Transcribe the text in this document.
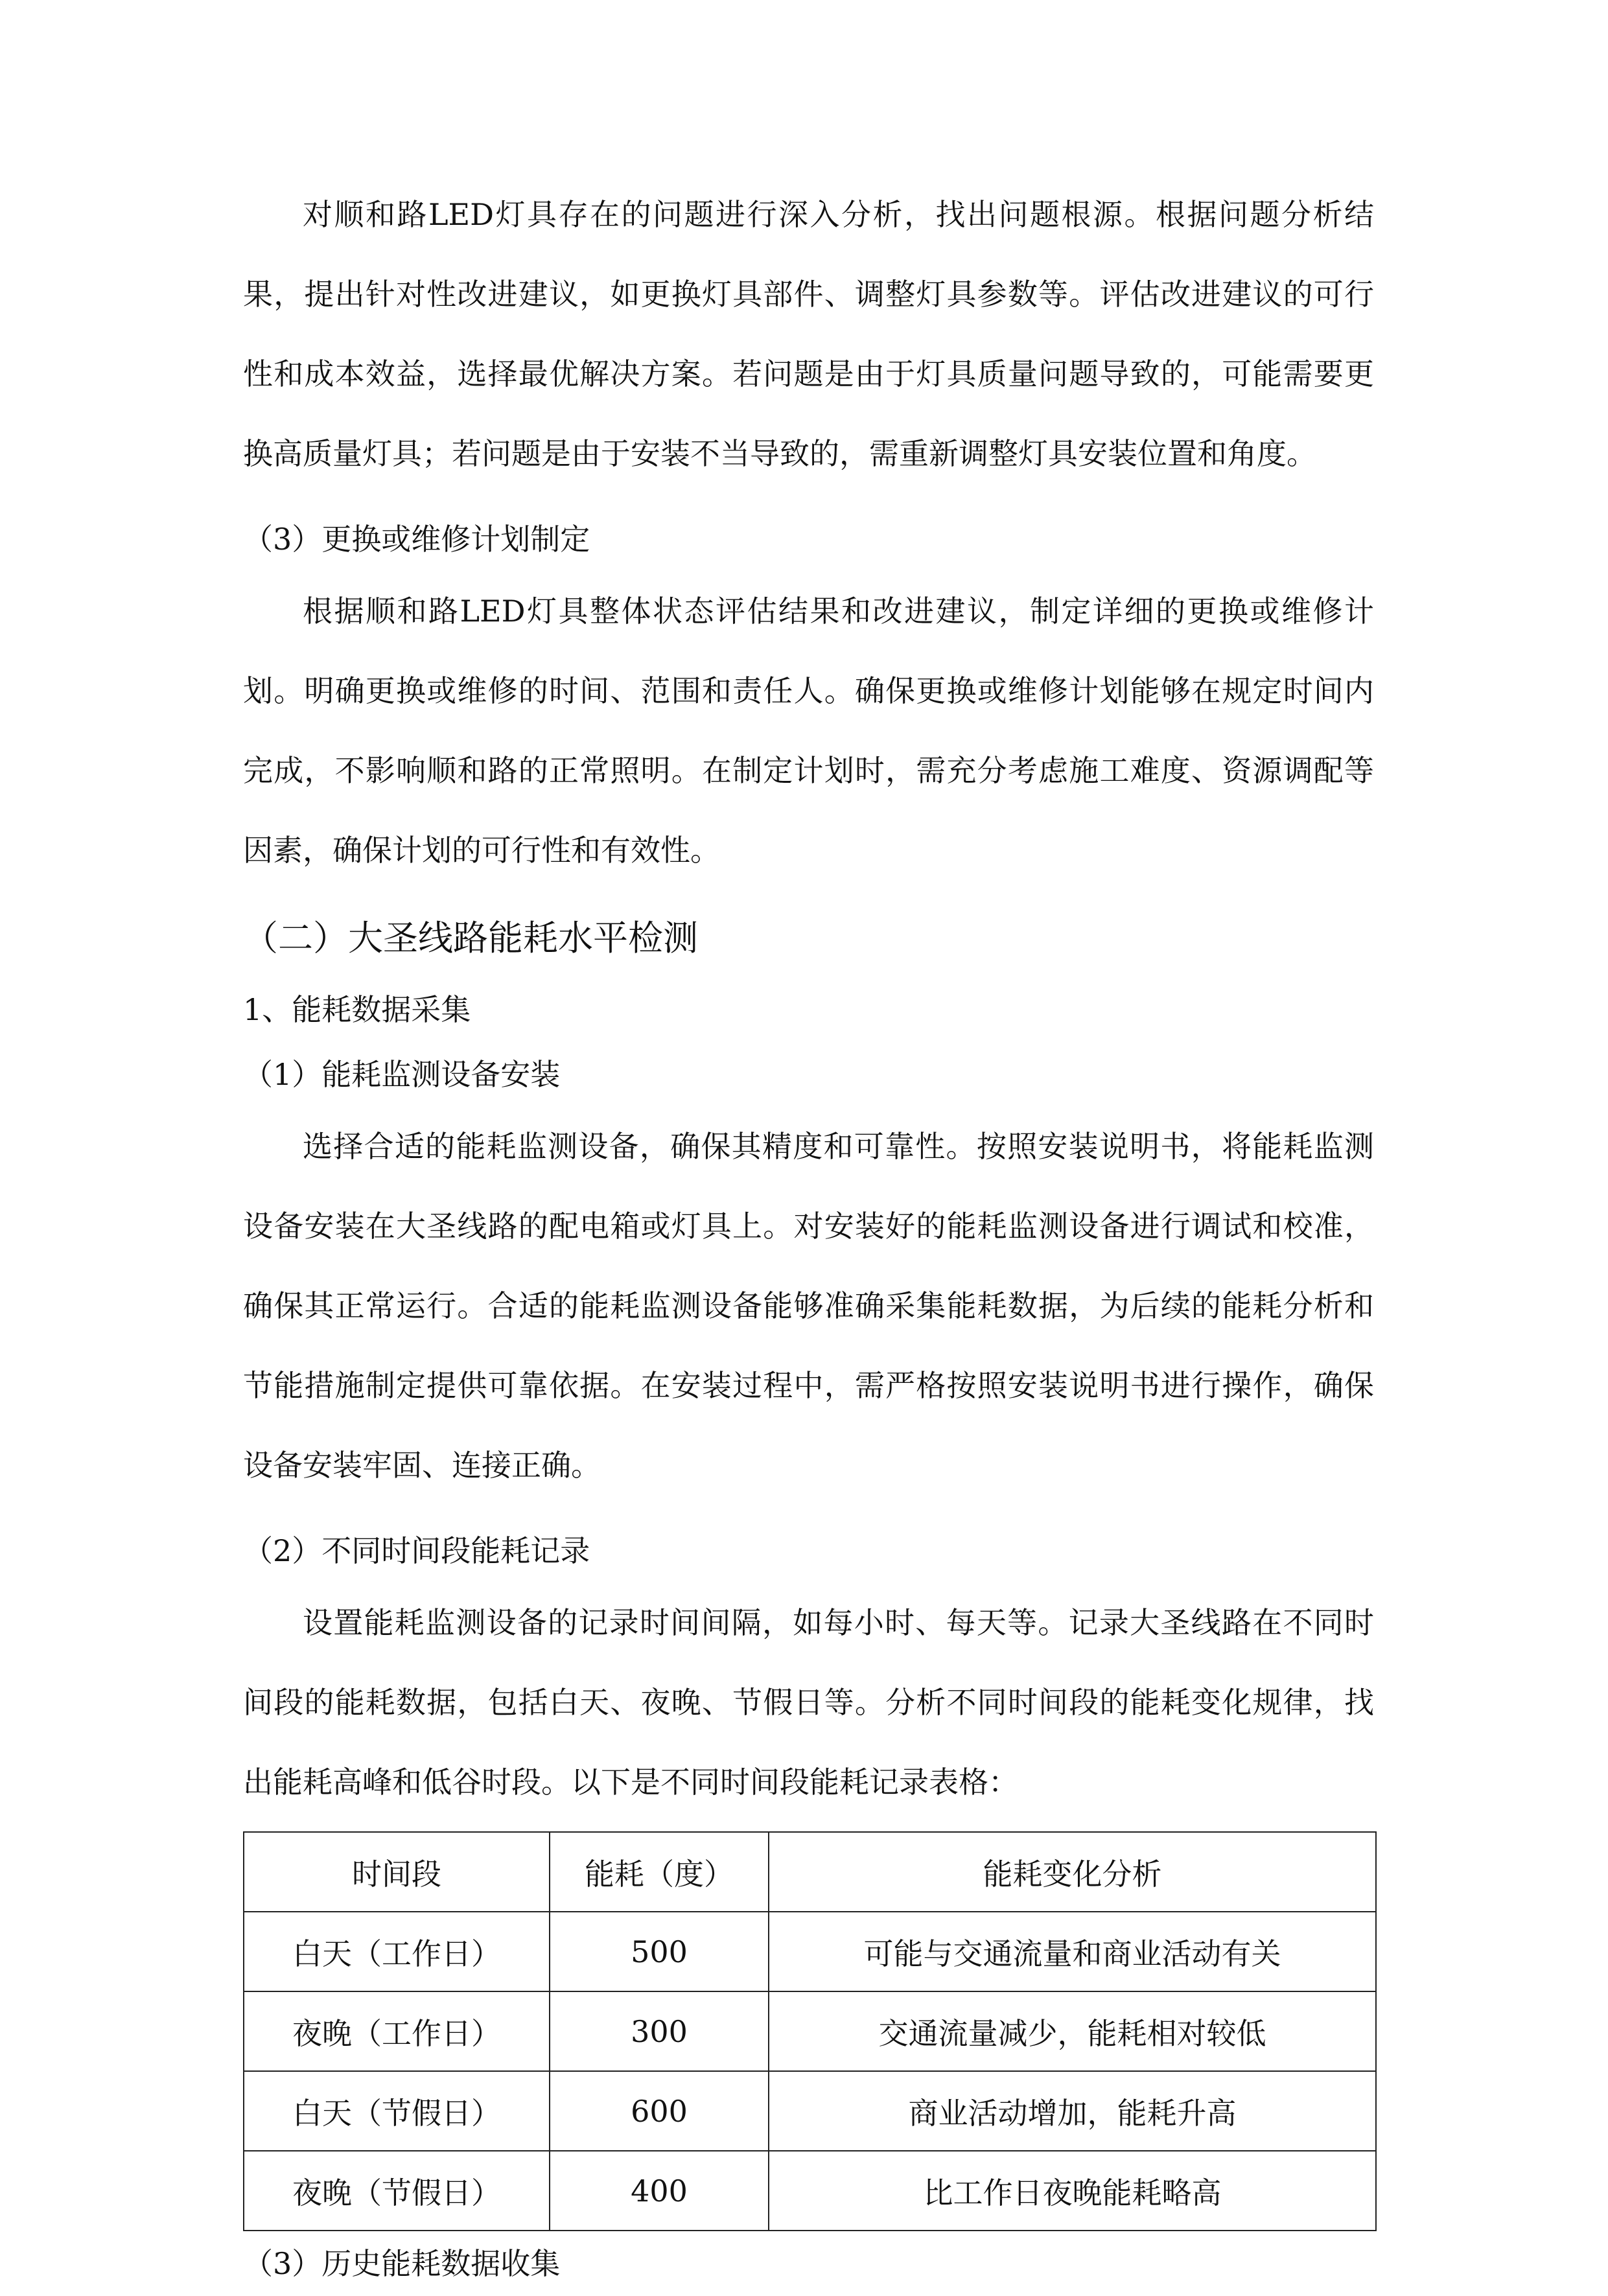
对顺和路LED灯具存在的问题进行深入分析，找出问题根源。根据问题分析结果，提出针对性改进建议，如更换灯具部件、调整灯具参数等。评估改进建议的可行性和成本效益，选择最优解决方案。若问题是由于灯具质量问题导致的，可能需要更换高质量灯具；若问题是由于安装不当导致的，需重新调整灯具安装位置和角度。

（3）更换或维修计划制定

根据顺和路LED灯具整体状态评估结果和改进建议，制定详细的更换或维修计划。明确更换或维修的时间、范围和责任人。确保更换或维修计划能够在规定时间内完成，不影响顺和路的正常照明。在制定计划时，需充分考虑施工难度、资源调配等因素，确保计划的可行性和有效性。

（二）大圣线路能耗水平检测

1、能耗数据采集

（1）能耗监测设备安装

选择合适的能耗监测设备，确保其精度和可靠性。按照安装说明书，将能耗监测设备安装在大圣线路的配电箱或灯具上。对安装好的能耗监测设备进行调试和校准，确保其正常运行。合适的能耗监测设备能够准确采集能耗数据，为后续的能耗分析和节能措施制定提供可靠依据。在安装过程中，需严格按照安装说明书进行操作，确保设备安装牢固、连接正确。

（2）不同时间段能耗记录

设置能耗监测设备的记录时间间隔，如每小时、每天等。记录大圣线路在不同时间段的能耗数据，包括白天、夜晚、节假日等。分析不同时间段的能耗变化规律，找出能耗高峰和低谷时段。以下是不同时间段能耗记录表格：

时间段	能耗（度）	能耗变化分析
白天（工作日）	500	可能与交通流量和商业活动有关
夜晚（工作日）	300	交通流量减少，能耗相对较低
白天（节假日）	600	商业活动增加，能耗升高
夜晚（节假日）	400	比工作日夜晚能耗略高

（3）历史能耗数据收集
